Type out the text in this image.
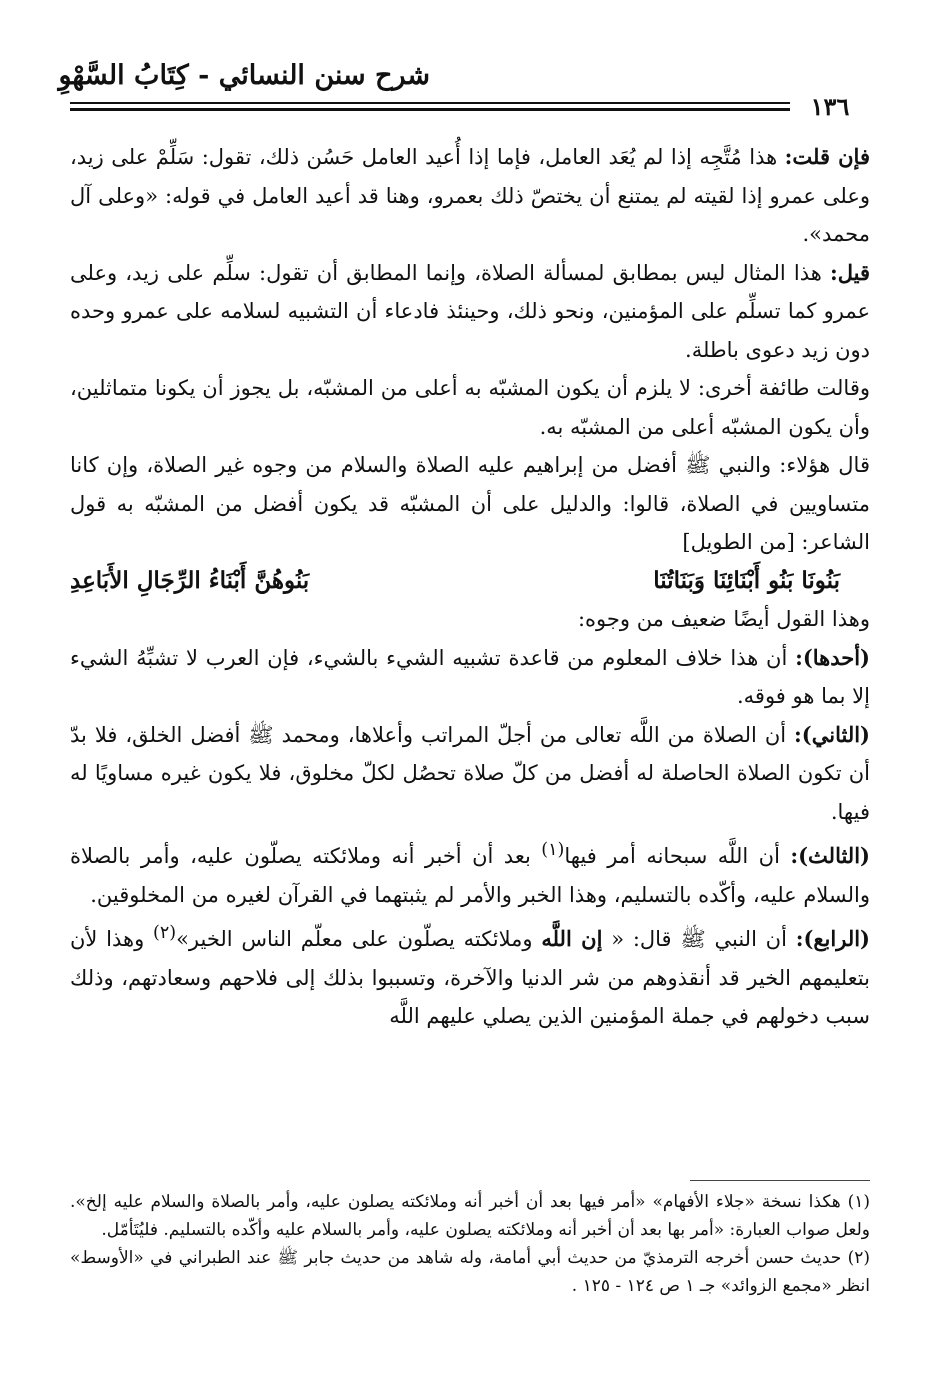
شرح سنن النسائي - كِتَابُ السَّهْوِ
١٣٦

فإن قلت: هذا مُتَّجِه إذا لم يُعَد العامل، فإما إذا أُعيد العامل حَسُن ذلك، تقول: سَلِّمْ على زيد، وعلى عمرو إذا لقيته لم يمتنع أن يختصّ ذلك بعمرو، وهنا قد أعيد العامل في قوله: «وعلى آل محمد».

قيل: هذا المثال ليس بمطابق لمسألة الصلاة، وإنما المطابق أن تقول: سلِّم على زيد، وعلى عمرو كما تسلِّم على المؤمنين، ونحو ذلك، وحينئذ فادعاء أن التشبيه لسلامه على عمرو وحده دون زيد دعوى باطلة.

وقالت طائفة أخرى: لا يلزم أن يكون المشبّه به أعلى من المشبّه، بل يجوز أن يكونا متماثلين، وأن يكون المشبّه أعلى من المشبّه به.

قال هؤلاء: والنبي ﷺ أفضل من إبراهيم عليه الصلاة والسلام من وجوه غير الصلاة، وإن كانا متساويين في الصلاة، قالوا: والدليل على أن المشبّه قد يكون أفضل من المشبّه به قول الشاعر: [من الطويل]

بَنُونَا بَنُو أَبْنَائِنَا وَبَنَاتُنَا
بَنُوهُنَّ أَبْنَاءُ الرِّجَالِ الأَبَاعِدِ

وهذا القول أيضًا ضعيف من وجوه:

(أحدها): أن هذا خلاف المعلوم من قاعدة تشبيه الشيء بالشيء، فإن العرب لا تشبِّهُ الشيء إلا بما هو فوقه.

(الثاني): أن الصلاة من اللَّه تعالى من أجلّ المراتب وأعلاها، ومحمد ﷺ أفضل الخلق، فلا بدّ أن تكون الصلاة الحاصلة له أفضل من كلّ صلاة تحصُل لكلّ مخلوق، فلا يكون غيره مساويًا له فيها.

(الثالث): أن اللَّه سبحانه أمر فيها$^{(١)}$ بعد أن أخبر أنه وملائكته يصلّون عليه، وأمر بالصلاة والسلام عليه، وأكّده بالتسليم، وهذا الخبر والأمر لم يثبتهما في القرآن لغيره من المخلوقين.

(الرابع): أن النبي ﷺ قال: « إن اللَّه وملائكته يصلّون على معلّم الناس الخير»$^{(٢)}$ وهذا لأن بتعليمهم الخير قد أنقذوهم من شر الدنيا والآخرة، وتسببوا بذلك إلى فلاحهم وسعادتهم، وذلك سبب دخولهم في جملة المؤمنين الذين يصلي عليهم اللَّه

(١) هكذا نسخة «جلاء الأفهام» «أمر فيها بعد أن أخبر أنه وملائكته يصلون عليه، وأمر بالصلاة والسلام عليه إلخ». ولعل صواب العبارة: «أمر بها بعد أن أخبر أنه وملائكته يصلون عليه، وأمر بالسلام عليه وأكّده بالتسليم. فليُتَأمّل.

(٢) حديث حسن أخرجه الترمذيّ من حديث أبي أمامة، وله شاهد من حديث جابر ﷺ عند الطبراني في «الأوسط» انظر «مجمع الزوائد» جـ ١ ص ١٢٤ - ١٢٥ .
